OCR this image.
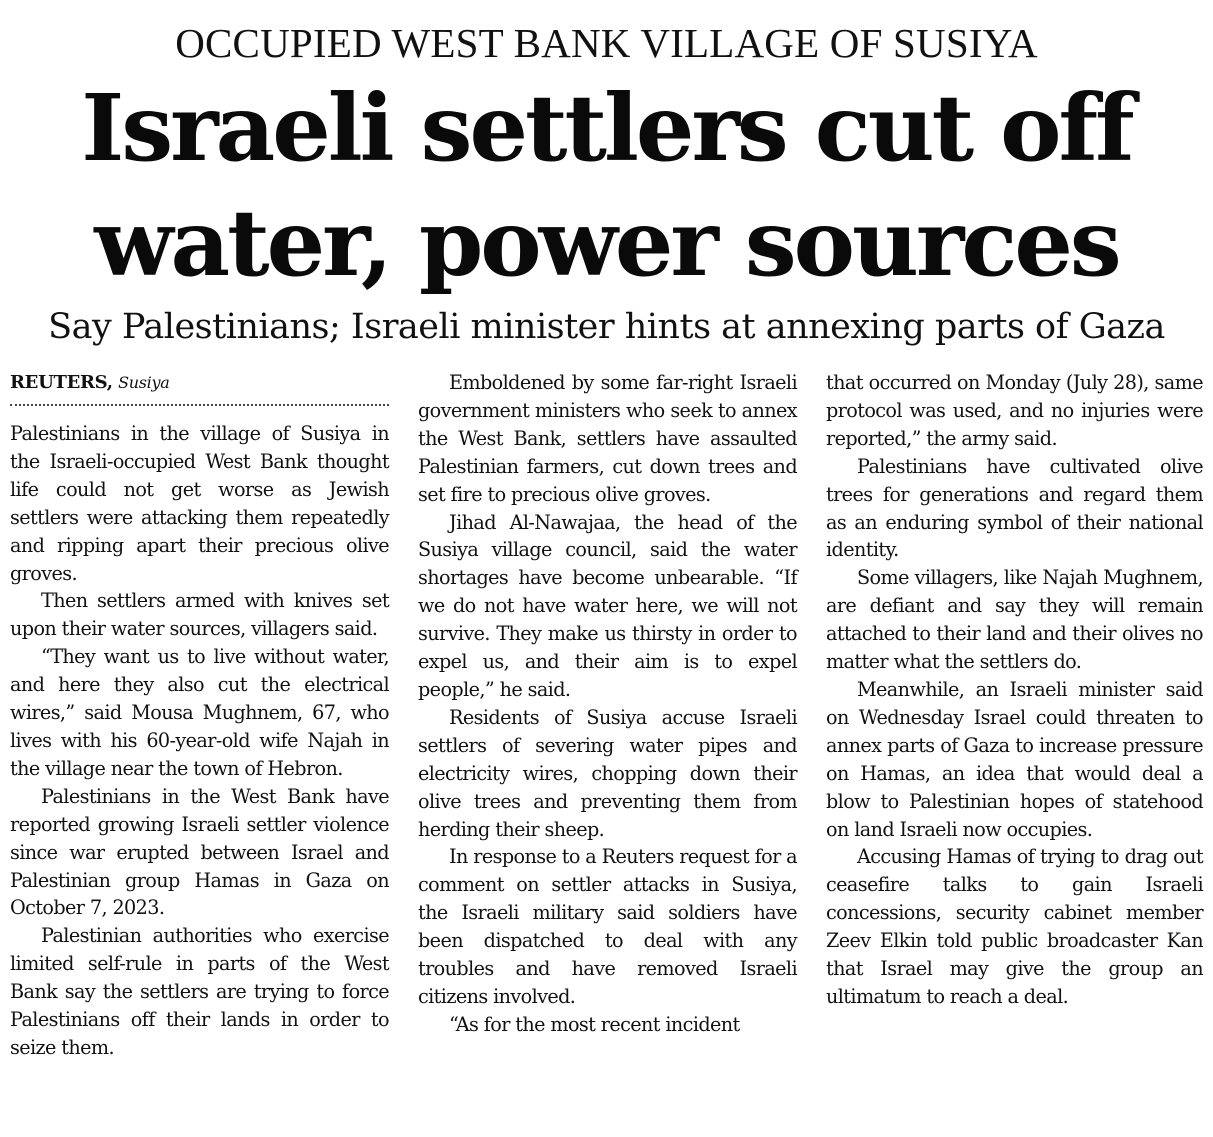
OCCUPIED WEST BANK VILLAGE OF SUSIYA
Israeli settlers cut off
water, power sources
Say Palestinians; Israeli minister hints at annexing parts of Gaza
REUTERS, Susiya

Palestinians in the village of Susiya in the Israeli-occupied West Bank thought life could not get worse as Jewish settlers were attacking them repeatedly and ripping apart their precious olive groves.

Then settlers armed with knives set upon their water sources, villagers said.

“They want us to live without water, and here they also cut the electrical wires,” said Mousa Mughnem, 67, who lives with his 60-year-old wife Najah in the village near the town of Hebron.

Palestinians in the West Bank have reported growing Israeli settler violence since war erupted between Israel and Palestinian group Hamas in Gaza on October 7, 2023.

Palestinian authorities who exercise limited self-rule in parts of the West Bank say the settlers are trying to force Palestinians off their lands in order to seize them.

Emboldened by some far-right Israeli government ministers who seek to annex the West Bank, settlers have assaulted Palestinian farmers, cut down trees and set fire to precious olive groves.

Jihad Al-Nawajaa, the head of the Susiya village council, said the water shortages have become unbearable. “If we do not have water here, we will not survive. They make us thirsty in order to expel us, and their aim is to expel people,” he said.

Residents of Susiya accuse Israeli settlers of severing water pipes and electricity wires, chopping down their olive trees and preventing them from herding their sheep.

In response to a Reuters request for a comment on settler attacks in Susiya, the Israeli military said soldiers have been dispatched to deal with any troubles and have removed Israeli citizens involved.

“As for the most recent incident

that occurred on Monday (July 28), same protocol was used, and no injuries were reported,” the army said.

Palestinians have cultivated olive trees for generations and regard them as an enduring symbol of their national identity.

Some villagers, like Najah Mughnem, are defiant and say they will remain attached to their land and their olives no matter what the settlers do.

Meanwhile, an Israeli minister said on Wednesday Israel could threaten to annex parts of Gaza to increase pressure on Hamas, an idea that would deal a blow to Palestinian hopes of statehood on land Israeli now occupies.

Accusing Hamas of trying to drag out ceasefire talks to gain Israeli concessions, security cabinet member Zeev Elkin told public broadcaster Kan that Israel may give the group an ultimatum to reach a deal.
